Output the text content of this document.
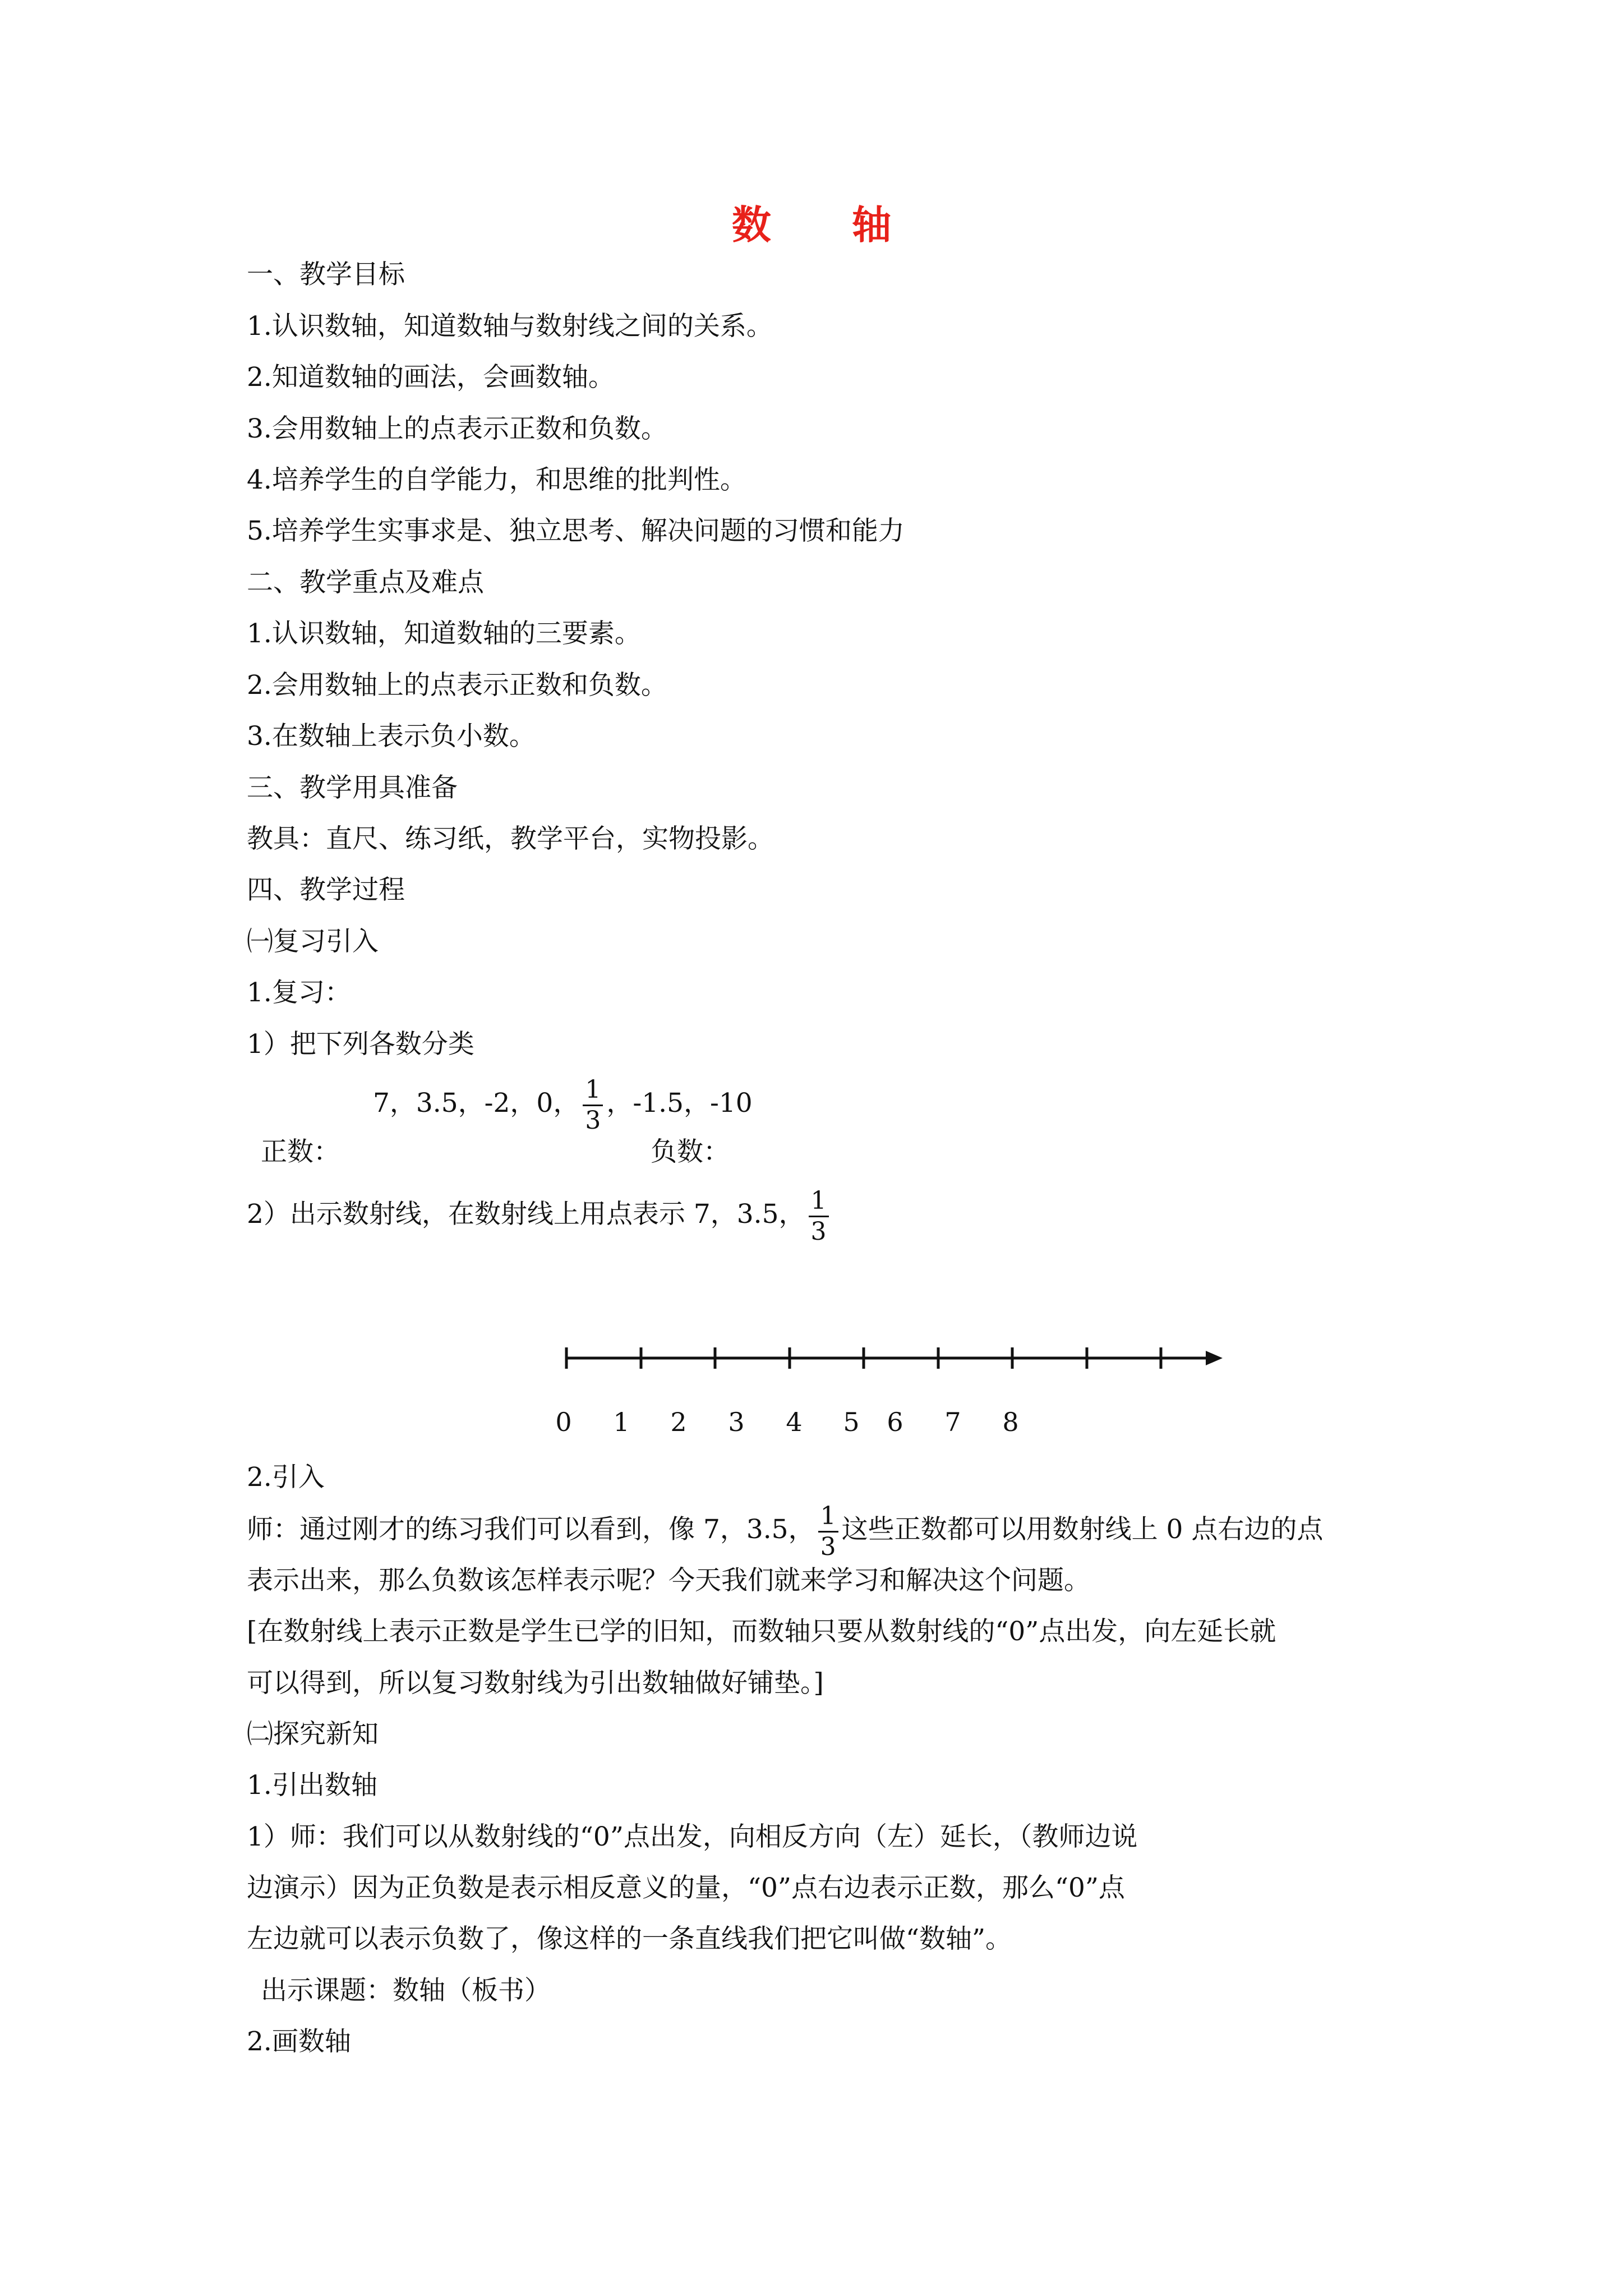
数 轴
一、教学目标
1.认识数轴，知道数轴与数射线之间的关系。
2.知道数轴的画法，会画数轴。
3.会用数轴上的点表示正数和负数。
4.培养学生的自学能力，和思维的批判性。
5.培养学生实事求是、独立思考、解决问题的习惯和能力
二、教学重点及难点
1.认识数轴，知道数轴的三要素。
2.会用数轴上的点表示正数和负数。
3.在数轴上表示负小数。
三、教学用具准备
教具：直尺、练习纸，教学平台，实物投影。
四、教学过程
㈠复习引入
1.复习：
1）把下列各数分类
7，3.5，-2，0， $\frac{1}{3}$ ，-1.5，-10
正数：	负数：
2）出示数射线，在数射线上用点表示 7，3.5， $\frac{1}{3}$
0	1	2	3	4	5	6	7	8
2.引入
师：通过刚才的练习我们可以看到，像 7，3.5， $\frac{1}{3}$ 这些正数都可以用数射线上 0 点右边的点
表示出来，那么负数该怎样表示呢？今天我们就来学习和解决这个问题。
[在数射线上表示正数是学生已学的旧知，而数轴只要从数射线的“0”点出发，向左延长就
可以得到，所以复习数射线为引出数轴做好铺垫。]
㈡探究新知
1.引出数轴
1）师：我们可以从数射线的“0”点出发，向相反方向（左）延长，（教师边说
边演示）因为正负数是表示相反意义的量，“0”点右边表示正数，那么“0”点
左边就可以表示负数了，像这样的一条直线我们把它叫做“数轴”。
出示课题：数轴（板书）
2.画数轴
